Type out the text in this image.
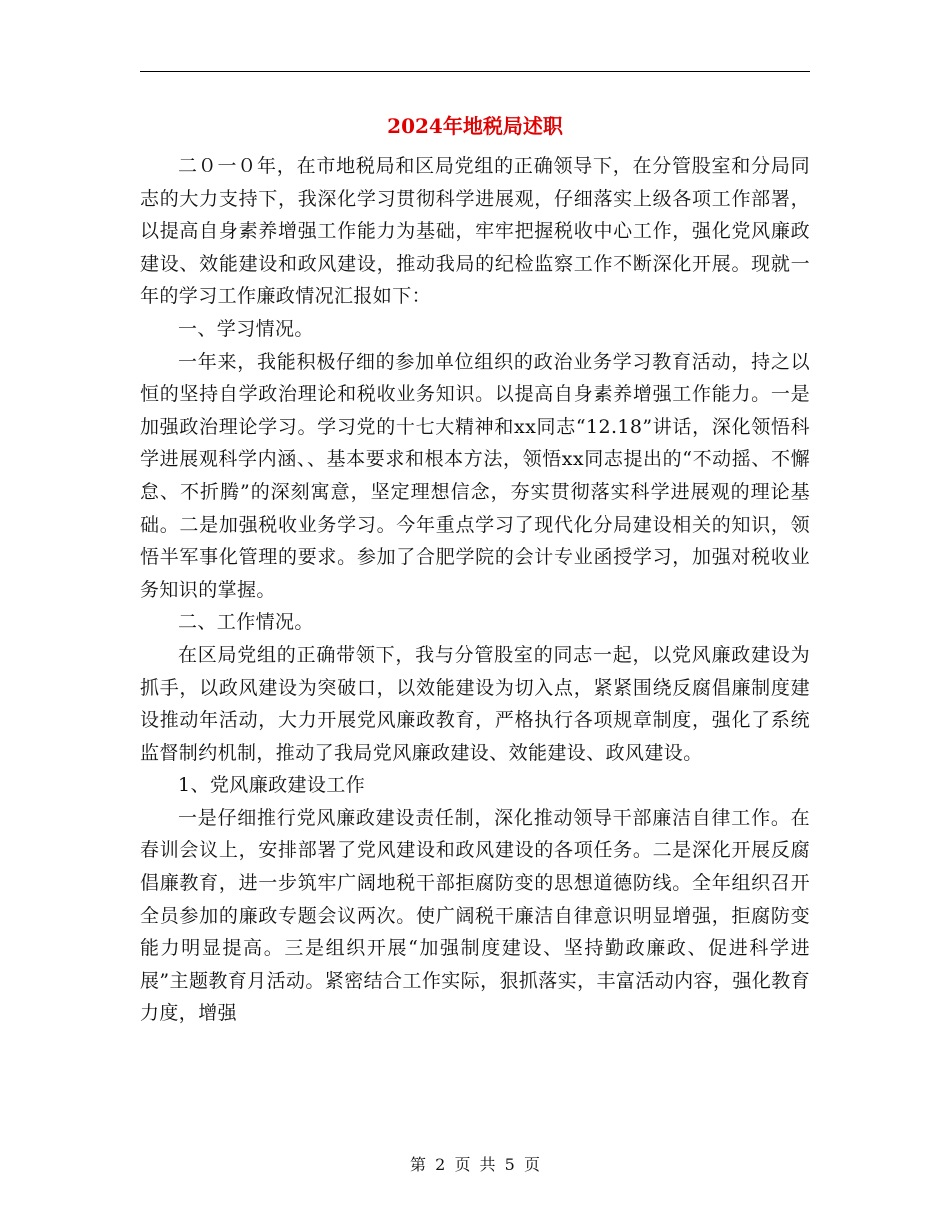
2024年地税局述职

二０一０年，在市地税局和区局党组的正确领导下，在分管股室和分局同志的大力支持下，我深化学习贯彻科学进展观，仔细落实上级各项工作部署，以提高自身素养增强工作能力为基础，牢牢把握税收中心工作，强化党风廉政建设、效能建设和政风建设，推动我局的纪检监察工作不断深化开展。现就一年的学习工作廉政情况汇报如下：

一、学习情况。

一年来，我能积极仔细的参加单位组织的政治业务学习教育活动，持之以恒的坚持自学政治理论和税收业务知识。以提高自身素养增强工作能力。一是加强政治理论学习。学习党的十七大精神和xx同志“12.18”讲话，深化领悟科学进展观科学内涵、、基本要求和根本方法，领悟xx同志提出的“不动摇、不懈怠、不折腾”的深刻寓意，坚定理想信念，夯实贯彻落实科学进展观的理论基础。二是加强税收业务学习。今年重点学习了现代化分局建设相关的知识，领悟半军事化管理的要求。参加了合肥学院的会计专业函授学习，加强对税收业务知识的掌握。

二、工作情况。

在区局党组的正确带领下，我与分管股室的同志一起，以党风廉政建设为抓手，以政风建设为突破口，以效能建设为切入点，紧紧围绕反腐倡廉制度建设推动年活动，大力开展党风廉政教育，严格执行各项规章制度，强化了系统监督制约机制，推动了我局党风廉政建设、效能建设、政风建设。

1、党风廉政建设工作

一是仔细推行党风廉政建设责任制，深化推动领导干部廉洁自律工作。在春训会议上，安排部署了党风建设和政风建设的各项任务。二是深化开展反腐倡廉教育，进一步筑牢广阔地税干部拒腐防变的思想道德防线。全年组织召开全员参加的廉政专题会议两次。使广阔税干廉洁自律意识明显增强，拒腐防变能力明显提高。三是组织开展“加强制度建设、坚持勤政廉政、促进科学进展”主题教育月活动。紧密结合工作实际，狠抓落实，丰富活动内容，强化教育力度，增强

第 2 页 共 5 页
